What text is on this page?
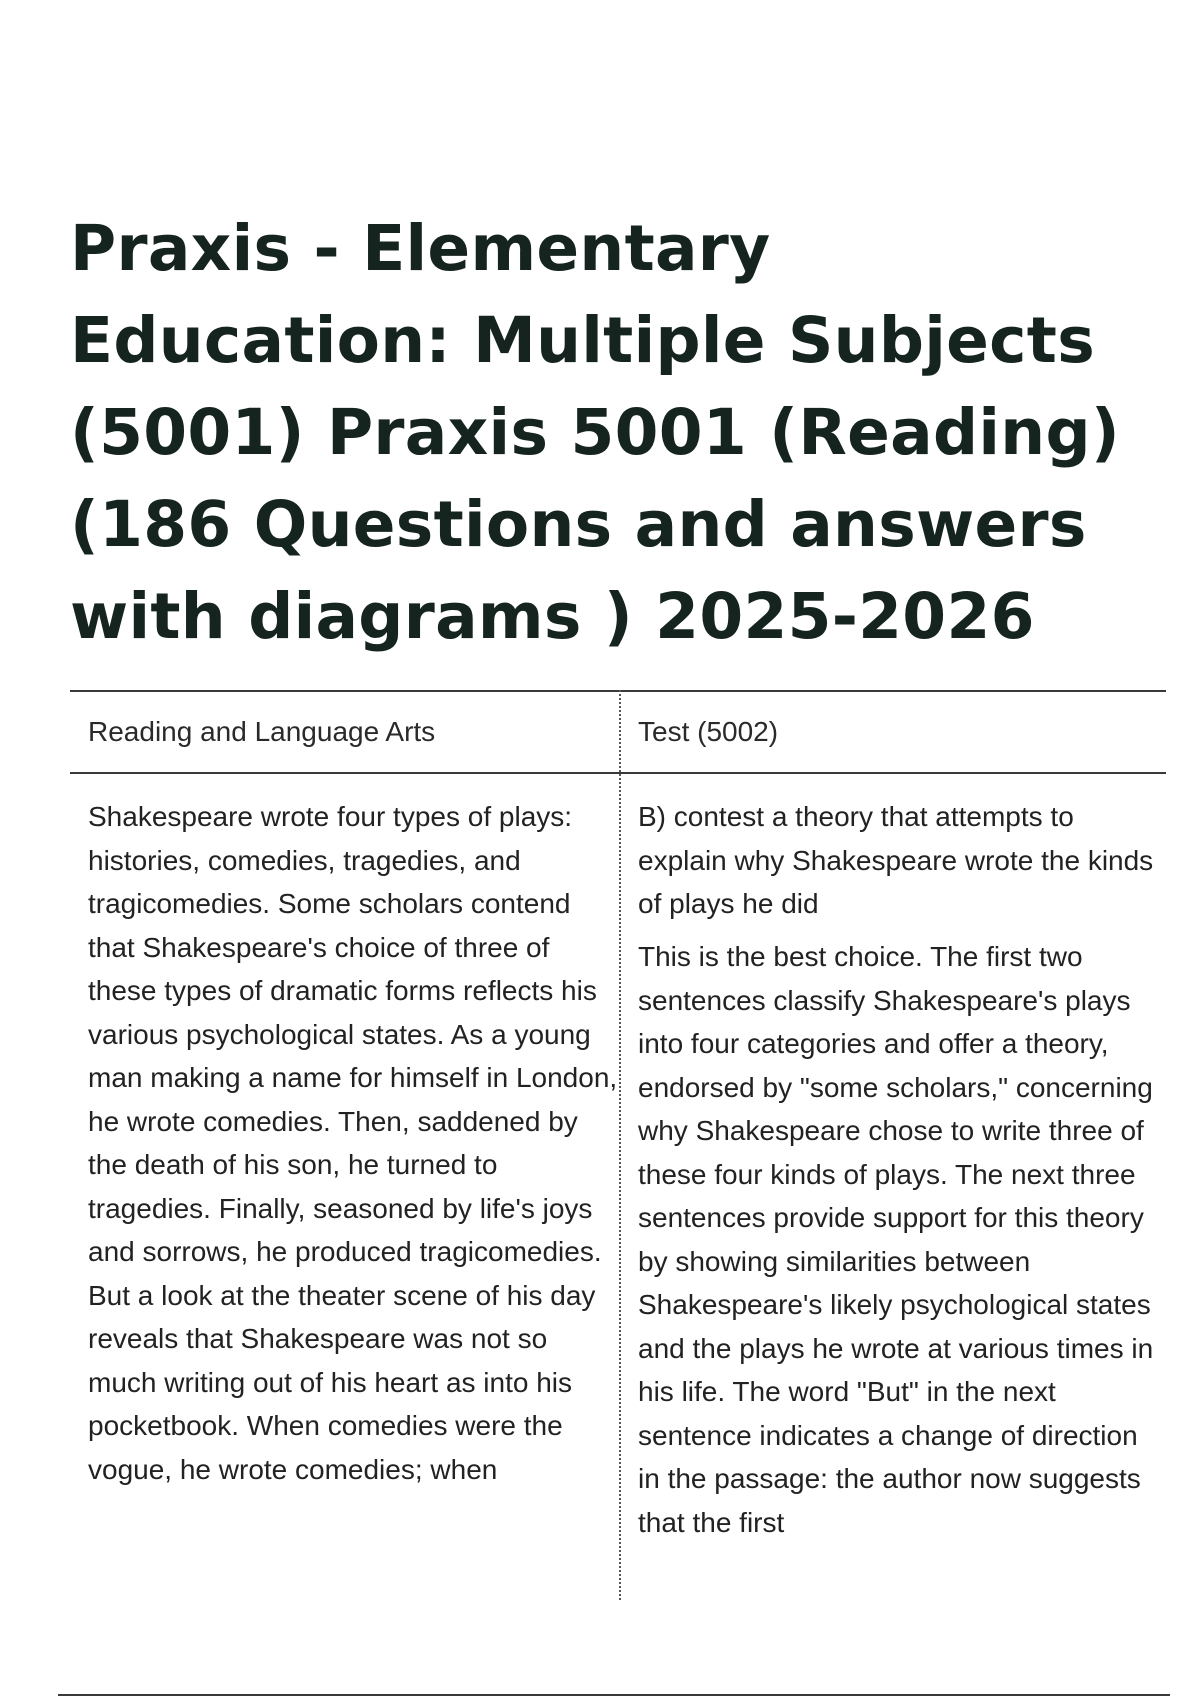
Praxis - Elementary Education: Multiple Subjects (5001) Praxis 5001 (Reading) (186 Questions and answers with diagrams ) 2025-2026
Reading and Language Arts	Test (5002)

Shakespeare wrote four types of plays: histories, comedies, tragedies, and tragicomedies. Some scholars contend that Shakespeare's choice of three of these types of dramatic forms reflects his various psychological states. As a young man making a name for himself in London, he wrote comedies. Then, saddened by the death of his son, he turned to tragedies. Finally, seasoned by life's joys and sorrows, he produced tragicomedies. But a look at the theater scene of his day reveals that Shakespeare was not so much writing out of his heart as into his pocketbook. When comedies were the vogue, he wrote comedies; when

B) contest a theory that attempts to explain why Shakespeare wrote the kinds of plays he did

This is the best choice. The first two sentences classify Shakespeare's plays into four categories and offer a theory, endorsed by "some scholars," concerning why Shakespeare chose to write three of these four kinds of plays. The next three sentences provide support for this theory by showing similarities between Shakespeare's likely psychological states and the plays he wrote at various times in his life. The word "But" in the next sentence indicates a change of direction in the passage: the author now suggests that the first
